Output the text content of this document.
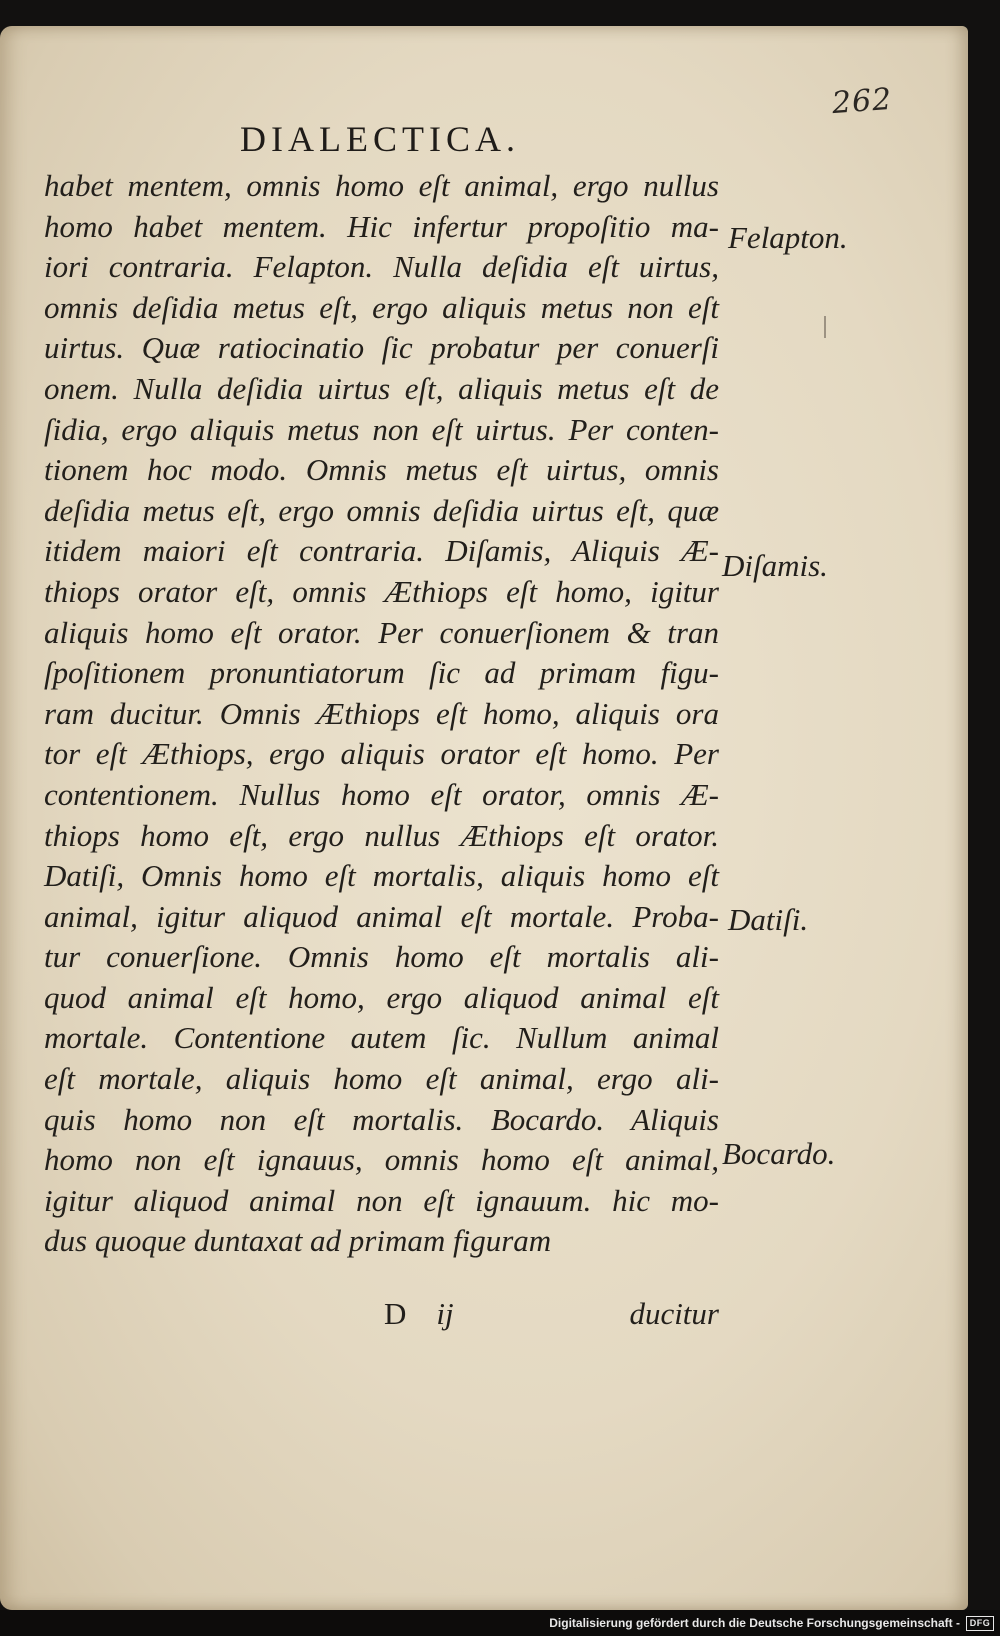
262
DIALECTICA.
habet mentem, omnis homo eſt animal, ergo nullus
homo habet mentem. Hic infertur propoſitio ma-
iori contraria. Felapton. Nulla deſidia eſt uirtus,
omnis deſidia metus eſt, ergo aliquis metus non eſt
uirtus. Quæ ratiocinatio ſic probatur per conuerſi
onem. Nulla deſidia uirtus eſt, aliquis metus eſt de
ſidia, ergo aliquis metus non eſt uirtus. Per conten-
tionem hoc modo. Omnis metus eſt uirtus, omnis
deſidia metus eſt, ergo omnis deſidia uirtus eſt, quæ
itidem maiori eſt contraria. Diſamis, Aliquis Æ-
thiops orator eſt, omnis Æthiops eſt homo, igitur
aliquis homo eſt orator. Per conuerſionem & tran
ſpoſitionem pronuntiatorum ſic ad primam figu-
ram ducitur. Omnis Æthiops eſt homo, aliquis ora
tor eſt Æthiops, ergo aliquis orator eſt homo. Per
contentionem. Nullus homo eſt orator, omnis Æ-
thiops homo eſt, ergo nullus Æthiops eſt orator.
Datiſi, Omnis homo eſt mortalis, aliquis homo eſt
animal, igitur aliquod animal eſt mortale. Proba-
tur conuerſione. Omnis homo eſt mortalis ali-
quod animal eſt homo, ergo aliquod animal eſt
mortale. Contentione autem ſic. Nullum animal
eſt mortale, aliquis homo eſt animal, ergo ali-
quis homo non eſt mortalis. Bocardo. Aliquis
homo non eſt ignauus, omnis homo eſt animal,
igitur aliquod animal non eſt ignauum. hic mo-
dus quoque duntaxat ad primam figuram
Dij	ducitur
Felapton.
Diſamis.
Datiſi.
Bocardo.
Digitalisierung gefördert durch die Deutsche Forschungsgemeinschaft -	DFG
